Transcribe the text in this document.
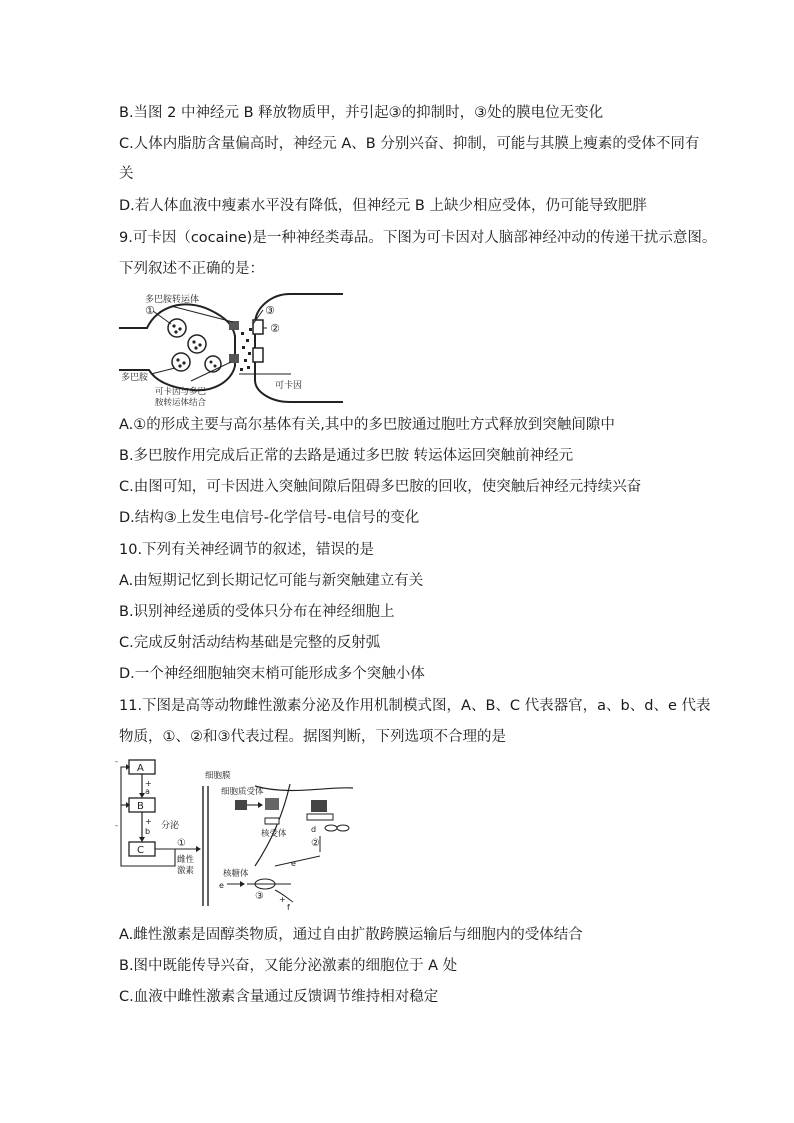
B.当图 2 中神经元 B 释放物质甲，并引起③的抑制时，③处的膜电位无变化
C.人体内脂肪含量偏高时，神经元 A、B 分别兴奋、抑制，可能与其膜上瘦素的受体不同有
关
D.若人体血液中瘦素水平没有降低，但神经元 B 上缺少相应受体，仍可能导致肥胖
9.可卡因（cocaine)是一种神经类毒品。下图为可卡因对人脑部神经冲动的传递干扰示意图。
下列叙述不正确的是：
多巴胺转运体
①	③
②
多巴胺
可卡因
可卡因与多巴
胺转运体结合
A.①的形成主要与高尔基体有关,其中的多巴胺通过胞吐方式释放到突触间隙中
B.多巴胺作用完成后正常的去路是通过多巴胺 转运体运回突触前神经元
C.由图可知，可卡因进入突触间隙后阻碍多巴胺的回收，使突触后神经元持续兴奋
D.结构③上发生电信号-化学信号-电信号的变化
10.下列有关神经调节的叙述，错误的是
A.由短期记忆到长期记忆可能与新突触建立有关
B.识别神经递质的受体只分布在神经细胞上
C.完成反射活动结构基础是完整的反射弧
D.一个神经细胞轴突末梢可能形成多个突触小体
11.下图是高等动物雌性激素分泌及作用机制模式图，A、B、C 代表器官，a、b、d、e 代表
物质，①、②和③代表过程。据图判断，下列选项不合理的是
A
B
C
+
a
+
b
-
-	分泌
①
雌性
激素
细胞膜
细胞质受体
核受体	d
②
e
核糖体
e
③
f
+
A.雌性激素是固醇类物质，通过自由扩散跨膜运输后与细胞内的受体结合
B.图中既能传导兴奋，又能分泌激素的细胞位于 A 处
C.血液中雌性激素含量通过反馈调节维持相对稳定
